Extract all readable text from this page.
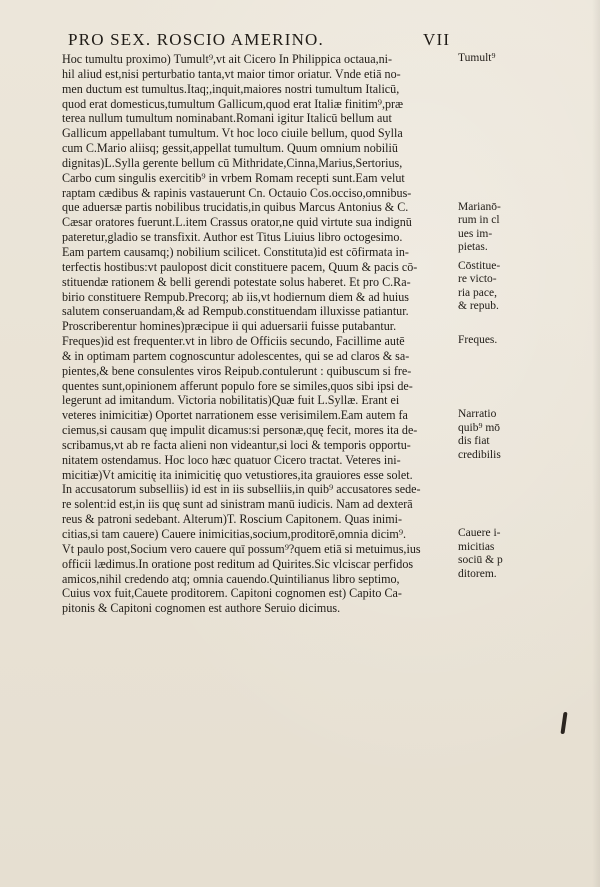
PRO SEX. ROSCIO AMERINO.	VII
Hoc tumultu proximo) Tumult⁹,vt ait Cicero In Philippica octaua,ni-
hil aliud est,nisi perturbatio tanta,vt maior timor oriatur. Vnde etiā no-
men ductum est tumultus.Itaq;,inquit,maiores nostri tumultum Italicū,
quod erat domesticus,tumultum Gallicum,quod erat Italiæ finitim⁹,præ
terea nullum tumultum nominabant.Romani igitur Italicū bellum aut
Gallicum appellabant tumultum. Vt hoc loco ciuile bellum, quod Sylla
cum C.Mario aliisq; gessit,appellat tumultum. Quum omnium nobiliū
dignitas)L.Sylla gerente bellum cū Mithridate,Cinna,Marius,Sertorius,
Carbo cum singulis exercitib⁹ in vrbem Romam recepti sunt.Eam velut
raptam cædibus & rapinis vastauerunt Cn. Octauio Cos.occiso,omnibus-
que aduersæ partis nobilibus trucidatis,in quibus Marcus Antonius & C.
Cæsar oratores fuerunt.L.item Crassus orator,ne quid virtute sua indignū
pateretur,gladio se transfixit. Author est Titus Liuius libro octogesimo.
Eam partem causamq;) nobilium scilicet. Constituta)id est cōfirmata in-
terfectis hostibus:vt paulopost dicit constituere pacem, Quum & pacis cō-
stituendæ rationem & belli gerendi potestate solus haberet. Et pro C.Ra-
birio constituere Rempub.Precorq; ab iis,vt hodiernum diem & ad huius
salutem conseruandam,& ad Rempub.constituendam illuxisse patiantur.
Proscriberentur homines)præcipue ii qui aduersarii fuisse putabantur.
Freques)id est frequenter.vt in libro de Officiis secundo, Facillime autē
& in optimam partem cognoscuntur adolescentes, qui se ad claros & sa-
pientes,& bene consulentes viros Reipub.contulerunt : quibuscum si fre-
quentes sunt,opinionem afferunt populo fore se similes,quos sibi ipsi de-
legerunt ad imitandum. Victoria nobilitatis)Quæ fuit L.Syllæ. Erant ei
veteres inimicitiæ) Oportet narrationem esse verisimilem.Eam autem fa
ciemus,si causam quę impulit dicamus:si personæ,quę fecit, mores ita de-
scribamus,vt ab re facta alieni non videantur,si loci & temporis opportu-
nitatem ostendamus. Hoc loco hæc quatuor Cicero tractat. Veteres ini-
micitiæ)Vt amicitię ita inimicitię quo vetustiores,ita grauiores esse solet.
In accusatorum subselliis) id est in iis subselliis,in quib⁹ accusatores sede-
re solent:id est,in iis quę sunt ad sinistram manū iudicis. Nam ad dexterā
reus & patroni sedebant. Alterum)T. Roscium Capitonem. Quas inimi-
citias,si tam cauere) Cauere inimicitias,socium,proditorē,omnia dicim⁹.
Vt paulo post,Socium vero cauere quī possum⁹?quem etiā si metuimus,ius
officii lædimus.In oratione post reditum ad Quirites.Sic vlciscar perfidos
amicos,nihil credendo atq; omnia cauendo.Quintilianus libro septimo,
Cuius vox fuit,Cauete proditorem. Capitoni cognomen est) Capito Ca-
pitonis & Capitoni cognomen est authore Seruio dicimus.
Tumult⁹
Marianō-
rum in cl
ues im-
pietas.
Cōstitue-
re victo-
ria pace,
& repub.
Freques.
Narratio
quib⁹ mō
dis fiat
credibilis
Cauere i-
micitias
sociū & p
ditorem.
